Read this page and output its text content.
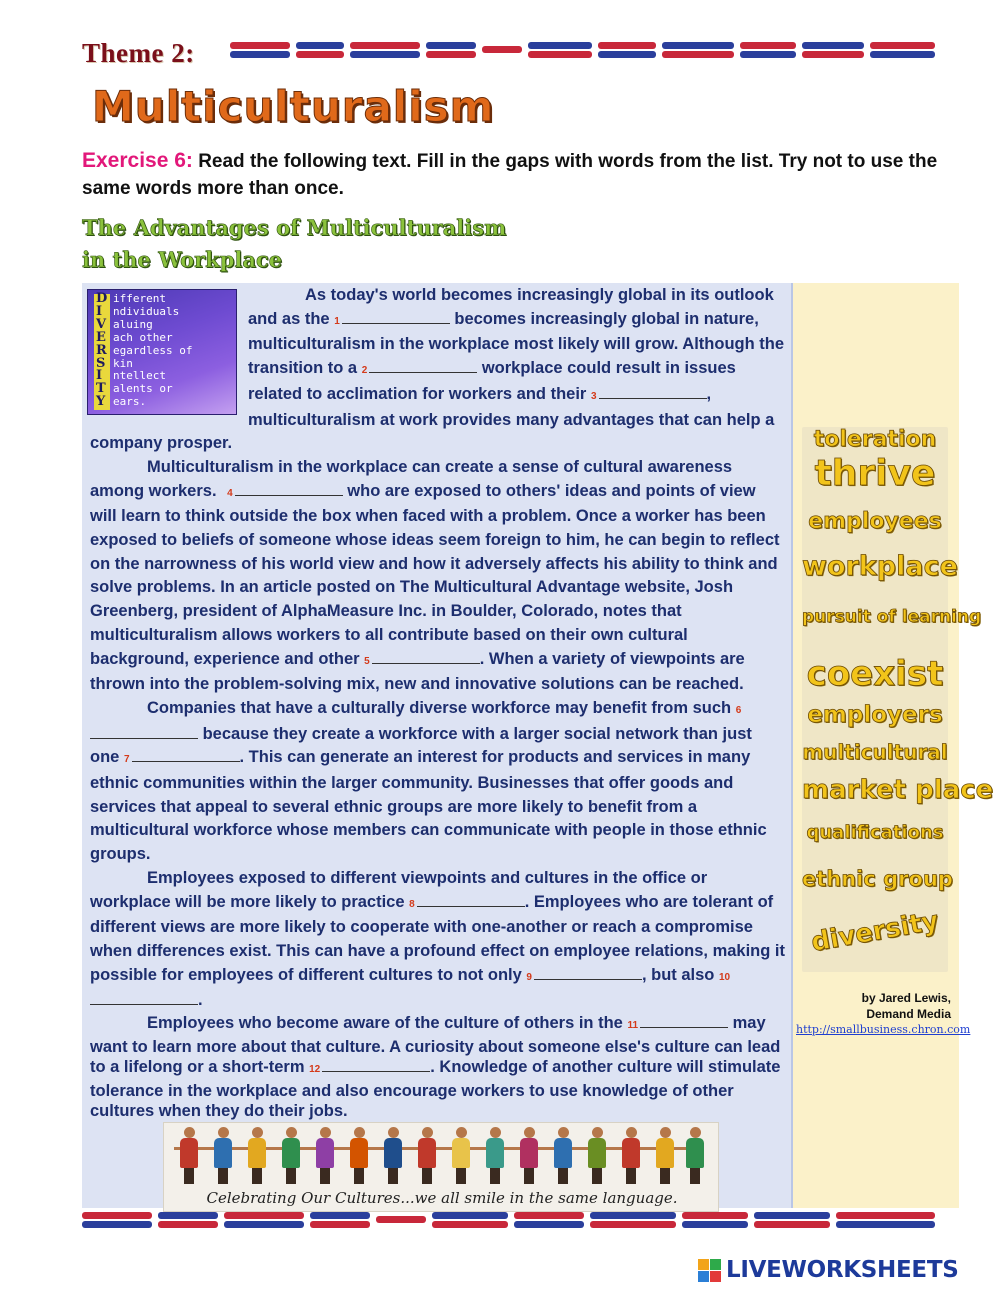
Theme 2:
Multiculturalism
Exercise 6: Read the following text. Fill in the gaps with words from the list. Try not to use the same words more than once.
The Advantages of Multiculturalism
in the Workplace
D
I
V
E
R
S
I
T
Y
ifferent
ndividuals
aluing
ach other
egardless of
kin
ntellect
alents or
ears.

As today's world becomes increasingly global in its outlook and as the 1	becomes increasingly global in nature, multiculturalism in the workplace most likely will grow. Although the transition to a 2	workplace could result in issues related to acclimation for workers and their 3	, multiculturalism at work provides many advantages that can help a company prosper.

Multiculturalism in the workplace can create a sense of cultural awareness among workers. 4	who are exposed to others' ideas and points of view will learn to think outside the box when faced with a problem. Once a worker has been exposed to beliefs of someone whose ideas seem foreign to him, he can begin to reflect on the narrowness of his world view and how it adversely affects his ability to think and solve problems. In an article posted on The Multicultural Advantage website, Josh Greenberg, president of AlphaMeasure Inc. in Boulder, Colorado, notes that multiculturalism allows workers to all contribute based on their own cultural background, experience and other 5	. When a variety of viewpoints are thrown into the problem-solving mix, new and innovative solutions can be reached.

Companies that have a culturally diverse workforce may benefit from such 6 because they create a workforce with a larger social network than just one 7	. This can generate an interest for products and services in many ethnic communities within the larger community. Businesses that offer goods and services that appeal to several ethnic groups are more likely to benefit from a multicultural workforce whose members can communicate with people in those ethnic groups.

Employees exposed to different viewpoints and cultures in the office or workplace will be more likely to practice 8	. Employees who are tolerant of different views are more likely to cooperate with one-another or reach a compromise when differences exist. This can have a profound effect on employee relations, making it possible for employees of different cultures to not only 9	, but also 10.

Employees who become aware of the culture of others in the 11	may want to learn more about that culture. A curiosity about someone else's culture can lead to a lifelong or a short-term 12	. Knowledge of another culture will stimulate tolerance in the workplace and also encourage workers to use knowledge of other cultures when they do their jobs.

toleration
thrive
employees
workplace
pursuit of learning
coexist
employers
multicultural
market place
qualifications
ethnic group
diversity
by Jared Lewis,
Demand Media
http://smallbusiness.chron.com
Celebrating Our Cultures...we all smile in the same language.
LIVEWORKSHEETS
